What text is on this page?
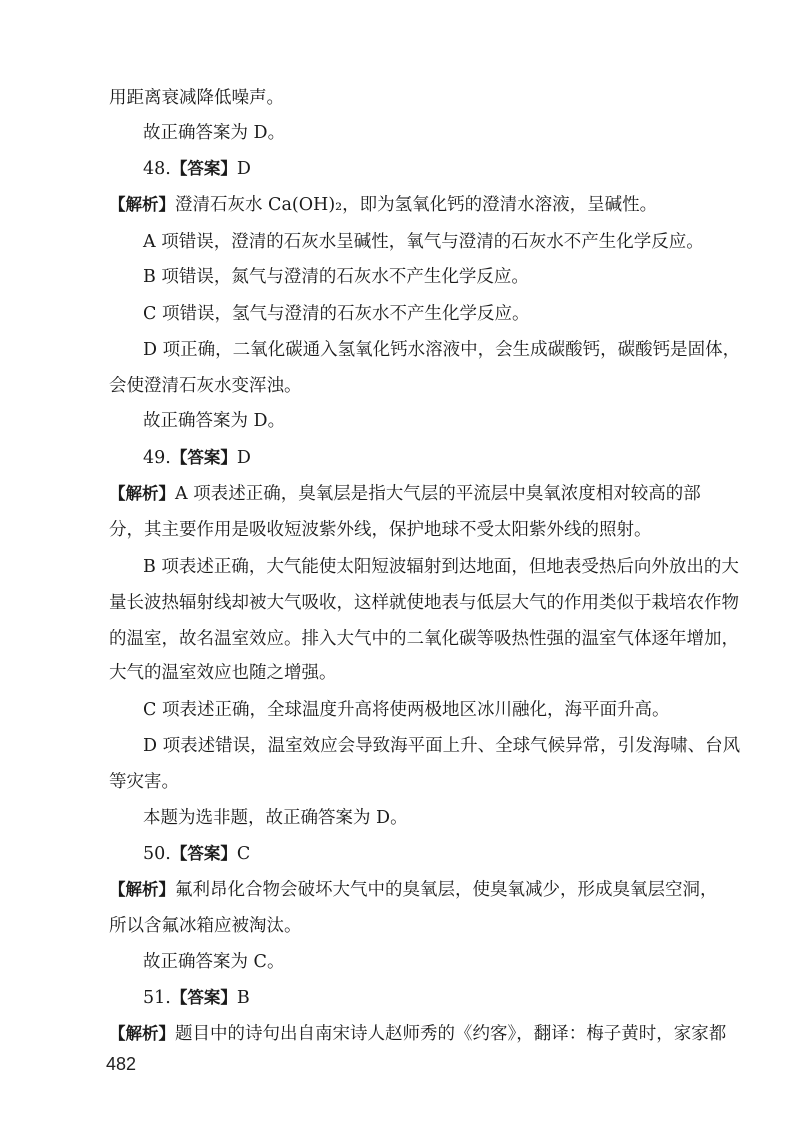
用距离衰减降低噪声。

故正确答案为 D。

48.【答案】D

【解析】澄清石灰水 Ca(OH)₂，即为氢氧化钙的澄清水溶液，呈碱性。

A 项错误，澄清的石灰水呈碱性，氧气与澄清的石灰水不产生化学反应。

B 项错误，氮气与澄清的石灰水不产生化学反应。

C 项错误，氢气与澄清的石灰水不产生化学反应。

D 项正确，二氧化碳通入氢氧化钙水溶液中，会生成碳酸钙，碳酸钙是固体，

会使澄清石灰水变浑浊。

故正确答案为 D。

49.【答案】D

【解析】A 项表述正确，臭氧层是指大气层的平流层中臭氧浓度相对较高的部

分，其主要作用是吸收短波紫外线，保护地球不受太阳紫外线的照射。

B 项表述正确，大气能使太阳短波辐射到达地面，但地表受热后向外放出的大

量长波热辐射线却被大气吸收，这样就使地表与低层大气的作用类似于栽培农作物

的温室，故名温室效应。排入大气中的二氧化碳等吸热性强的温室气体逐年增加，

大气的温室效应也随之增强。

C 项表述正确，全球温度升高将使两极地区冰川融化，海平面升高。

D 项表述错误，温室效应会导致海平面上升、全球气候异常，引发海啸、台风

等灾害。

本题为选非题，故正确答案为 D。

50.【答案】C

【解析】氟利昂化合物会破坏大气中的臭氧层，使臭氧减少，形成臭氧层空洞，

所以含氟冰箱应被淘汰。

故正确答案为 C。

51.【答案】B

【解析】题目中的诗句出自南宋诗人赵师秀的《约客》，翻译：梅子黄时，家家都

482
